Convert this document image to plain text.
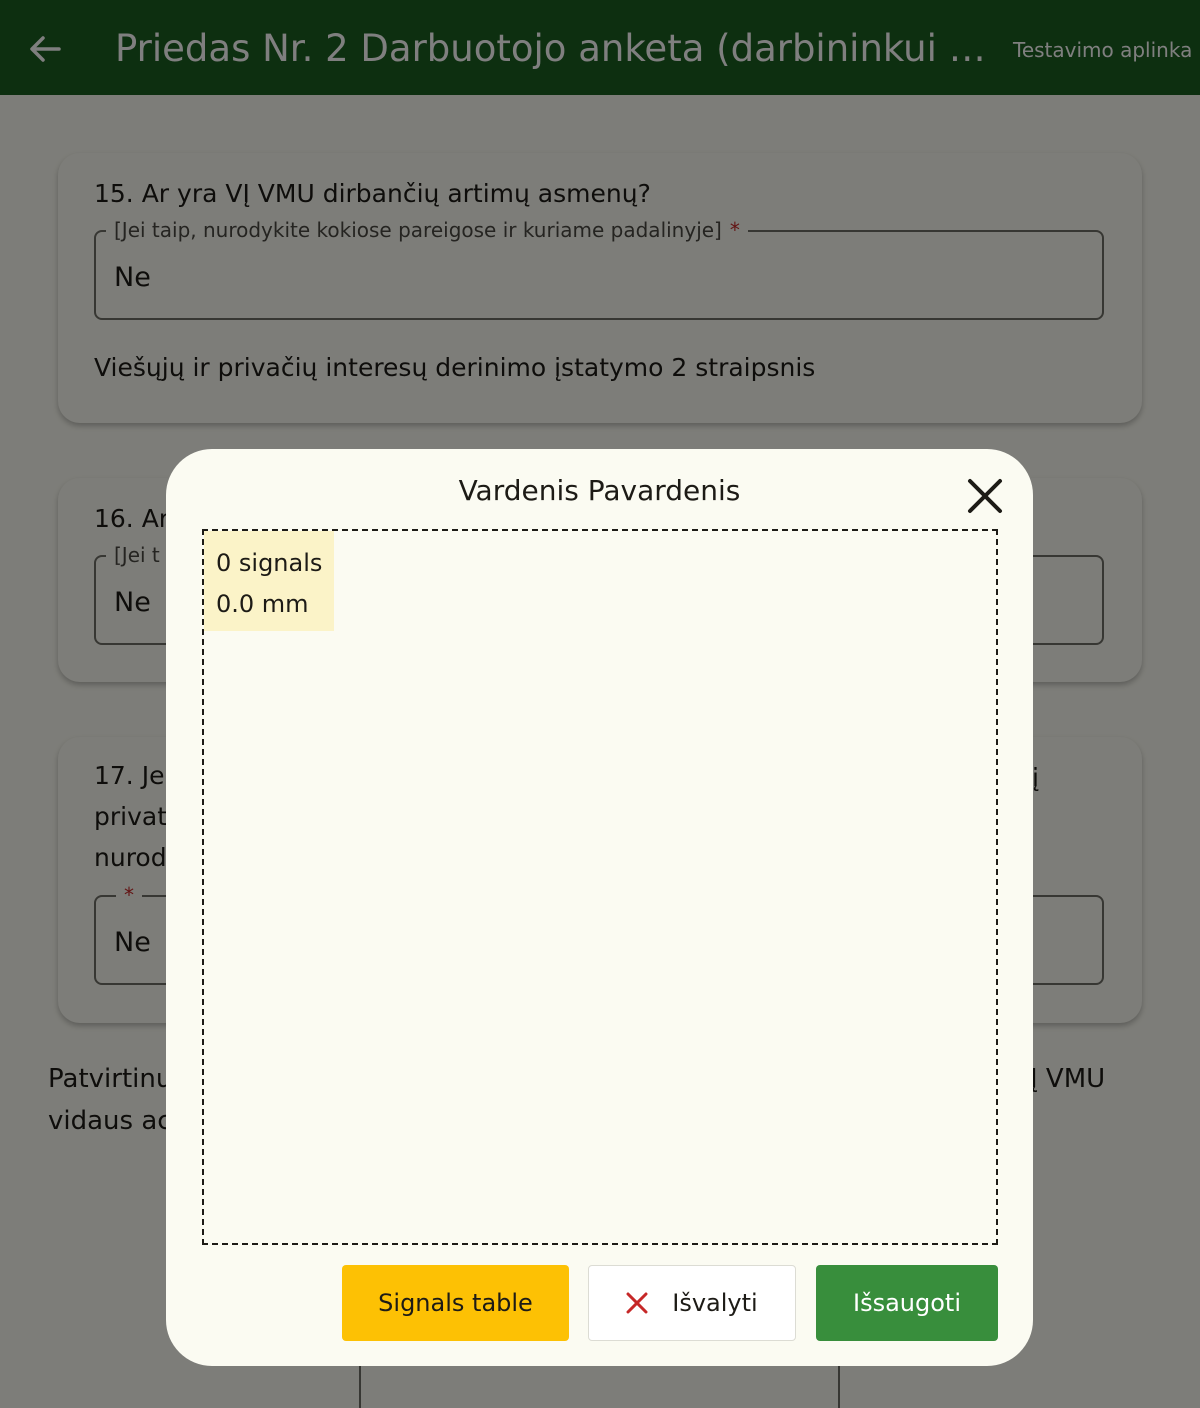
Vardenis Pavardenis
0 signals
0.0 mm
Signals table	Išvalyti	Išsaugoti
